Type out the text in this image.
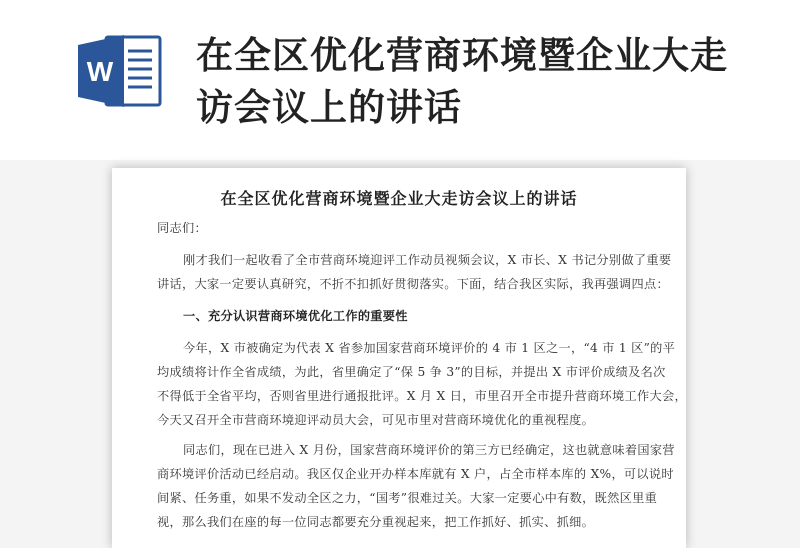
W 在全区优化营商环境暨企业大走
访会议上的讲话
在全区优化营商环境暨企业大走访会议上的讲话
同志们：
刚才我们一起收看了全市营商环境迎评工作动员视频会议，X 市长、X 书记分别做了重要
讲话，大家一定要认真研究，不折不扣抓好贯彻落实。下面，结合我区实际，我再强调四点：
一、充分认识营商环境优化工作的重要性
今年，X 市被确定为代表 X 省参加国家营商环境评价的 4 市 1 区之一，“4 市 1 区”的平
均成绩将计作全省成绩，为此，省里确定了“保 5 争 3”的目标，并提出 X 市评价成绩及名次
不得低于全省平均，否则省里进行通报批评。X 月 X 日，市里召开全市提升营商环境工作大会，
今天又召开全市营商环境迎评动员大会，可见市里对营商环境优化的重视程度。
同志们，现在已进入 X 月份，国家营商环境评价的第三方已经确定，这也就意味着国家营
商环境评价活动已经启动。我区仅企业开办样本库就有 X 户，占全市样本库的 X%，可以说时
间紧、任务重，如果不发动全区之力，“国考”很难过关。大家一定要心中有数，既然区里重
视，那么我们在座的每一位同志都要充分重视起来，把工作抓好、抓实、抓细。
